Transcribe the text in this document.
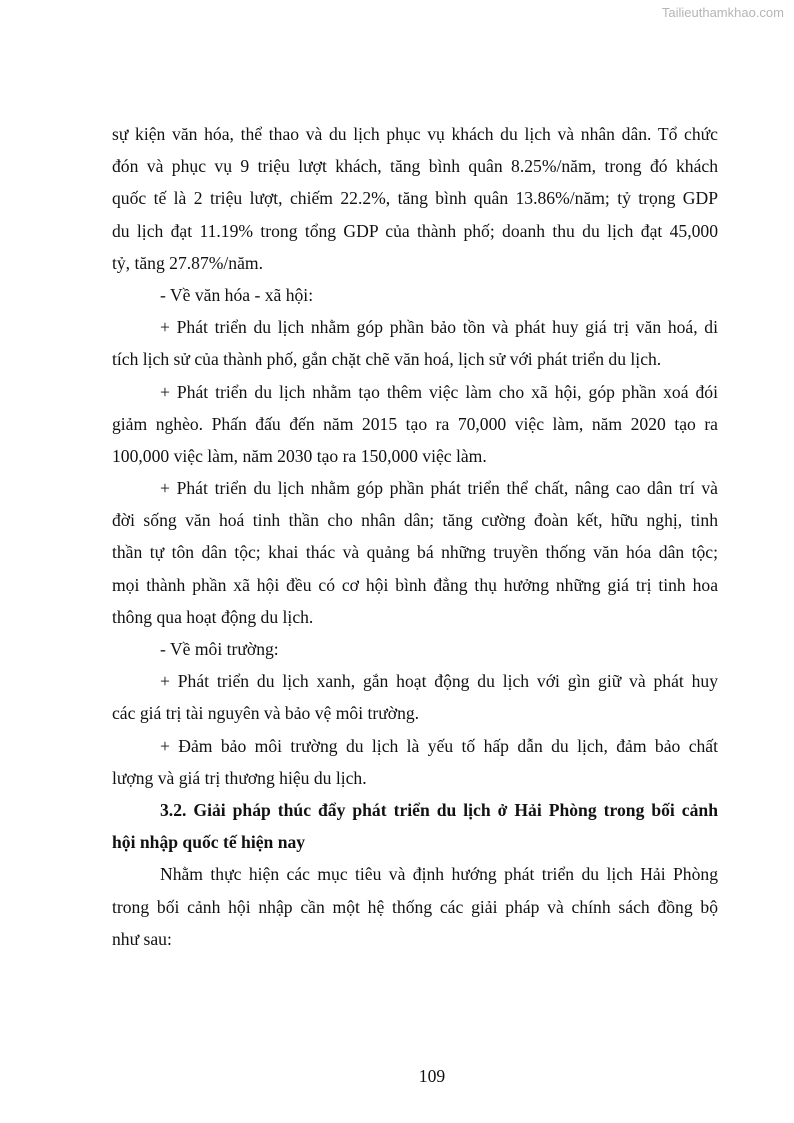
Tailieuthamkhao.com
sự kiện văn hóa, thể thao và du lịch phục vụ khách du lịch và nhân dân. Tổ chức
đón và phục vụ 9 triệu lượt khách, tăng bình quân 8.25%/năm, trong đó khách
quốc tế là 2 triệu lượt, chiếm 22.2%, tăng bình quân 13.86%/năm; tỷ trọng GDP
du lịch đạt 11.19% trong tổng GDP của thành phố; doanh thu du lịch đạt 45,000
tỷ, tăng 27.87%/năm.
- Về văn hóa - xã hội:
+ Phát triển du lịch nhằm góp phần bảo tồn và phát huy giá trị văn hoá, di
tích lịch sử của thành phố, gắn chặt chẽ văn hoá, lịch sử với phát triển du lịch.
+ Phát triển du lịch nhằm tạo thêm việc làm cho xã hội, góp phần xoá đói
giảm nghèo. Phấn đấu đến năm 2015 tạo ra 70,000 việc làm, năm 2020 tạo ra
100,000 việc làm, năm 2030 tạo ra 150,000 việc làm.
+ Phát triển du lịch nhằm góp phần phát triển thể chất, nâng cao dân trí và
đời sống văn hoá tinh thần cho nhân dân; tăng cường đoàn kết, hữu nghị, tinh
thần tự tôn dân tộc; khai thác và quảng bá những truyền thống văn hóa dân tộc;
mọi thành phần xã hội đều có cơ hội bình đẳng thụ hưởng những giá trị tinh hoa
thông qua hoạt động du lịch.
- Về môi trường:
+ Phát triển du lịch xanh, gắn hoạt động du lịch với gìn giữ và phát huy
các giá trị tài nguyên và bảo vệ môi trường.
+ Đảm bảo môi trường du lịch là yếu tố hấp dẫn du lịch, đảm bảo chất
lượng và giá trị thương hiệu du lịch.
3.2. Giải pháp thúc đẩy phát triển du lịch ở Hải Phòng trong bối cảnh
hội nhập quốc tế hiện nay
Nhằm thực hiện các mục tiêu và định hướng phát triển du lịch Hải Phòng
trong bối cảnh hội nhập cần một hệ thống các giải pháp và chính sách đồng bộ
như sau:
109
